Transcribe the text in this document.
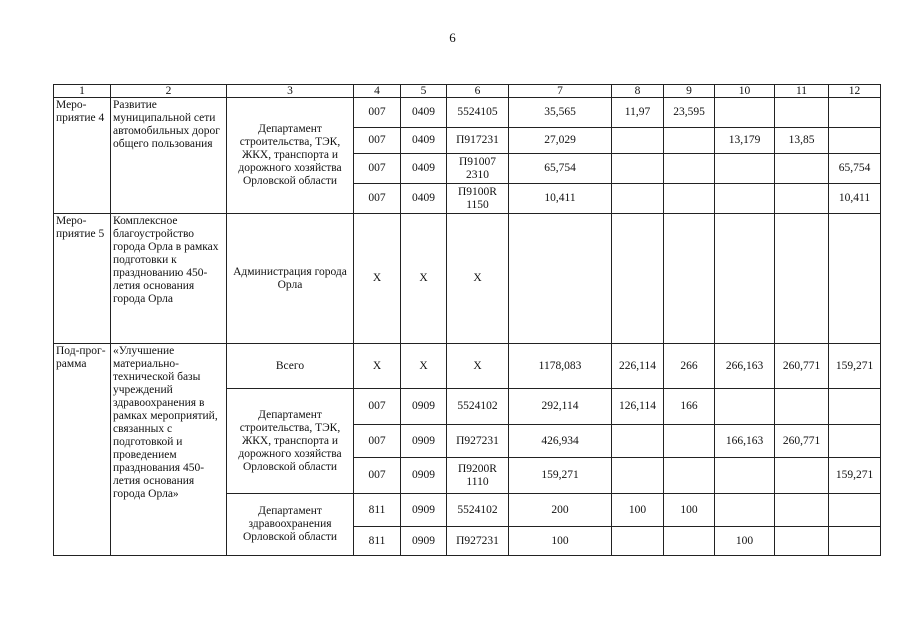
6
1	2	3	4	5	6	7	8	9	10	11	12
Меро-приятие 4	Развитие муниципальной сети автомобильных дорог общего пользования	Департамент строительства, ТЭК, ЖКХ, транспорта и дорожного хозяйства Орловской области	007	0409	5524105	35,565	11,97	23,595			
			007	0409	П917231	27,029			13,179	13,85	
			007	0409	П91007 2310	65,754					65,754
			007	0409	П9100R 1150	10,411					10,411
Меро-приятие 5	Комплексное благоустройство города Орла в рамках подготовки к празднованию 450-летия основания города Орла	Администрация города Орла	Х	Х	Х						
Под-прог-рамма	«Улучшение материально-технической базы учреждений здравоохранения в рамках мероприятий, связанных с подготовкой и проведением празднования 450-летия основания города Орла»	Всего	Х	Х	Х	1178,083	226,114	266	266,163	260,771	159,271
		Департамент строительства, ТЭК, ЖКХ, транспорта и дорожного хозяйства Орловской области	007	0909	5524102	292,114	126,114	166			
			007	0909	П927231	426,934			166,163	260,771	
			007	0909	П9200R 1110	159,271					159,271
		Департамент здравоохранения Орловской области	811	0909	5524102	200	100	100			
			811	0909	П927231	100			100		
